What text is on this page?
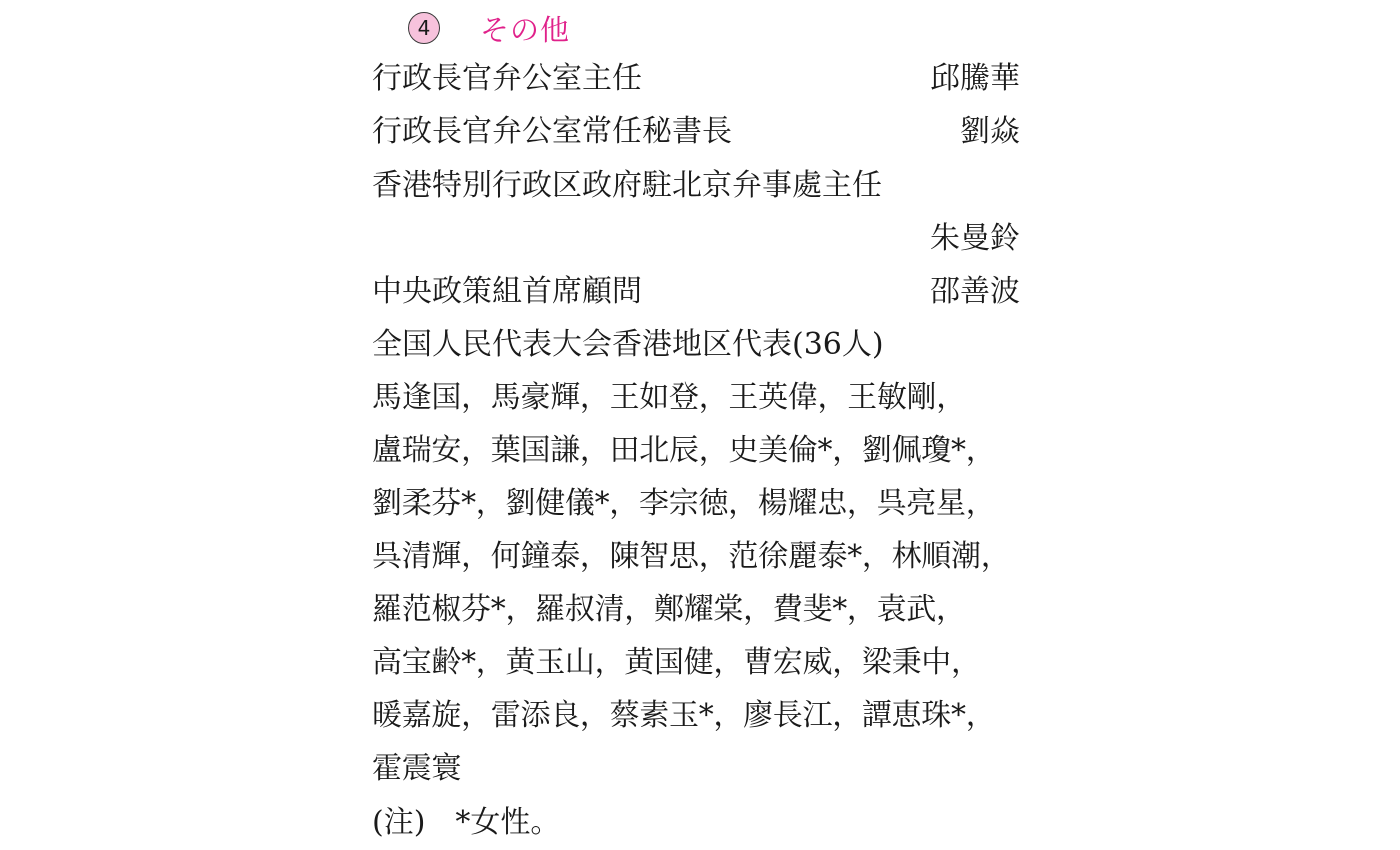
4	その他
行政長官弁公室主任	邱騰華
行政長官弁公室常任秘書長	劉焱
香港特別行政区政府駐北京弁事處主任
朱曼鈴
中央政策組首席顧問	邵善波
全国人民代表大会香港地区代表(36人)
馬逢国，馬豪輝，王如登，王英偉，王敏剛，
盧瑞安，葉国謙，田北辰，史美倫*，劉佩瓊*，
劉柔芬*，劉健儀*，李宗徳，楊耀忠，呉亮星，
呉清輝，何鐘泰，陳智思，范徐麗泰*，林順潮，
羅范椒芬*，羅叔清，鄭耀棠，費斐*，袁武，
高宝齢*，黄玉山，黄国健，曹宏威，梁秉中，
暖嘉旋，雷添良，蔡素玉*，廖長江，譚恵珠*，
霍震寰
(注)　*女性。
